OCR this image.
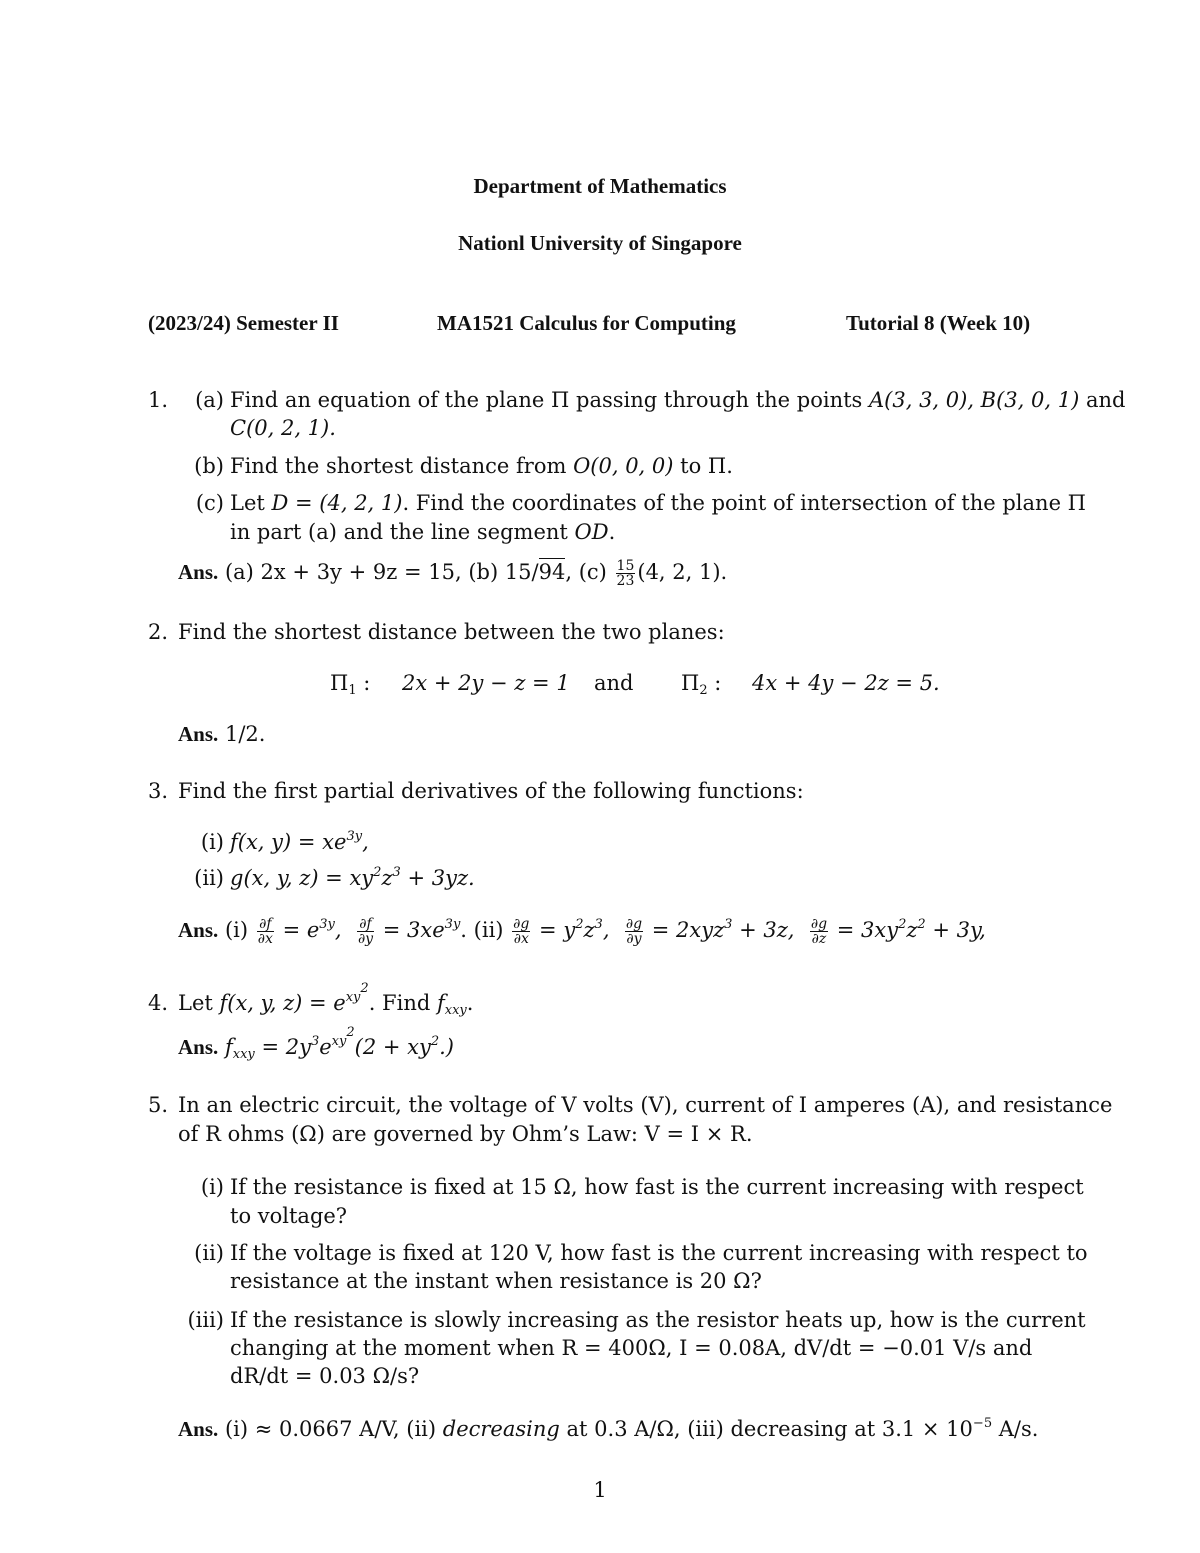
Department of Mathematics
Nationl University of Singapore
(2023/24) Semester II	MA1521 Calculus for Computing	Tutorial 8 (Week 10)
1.	(a) Find an equation of the plane Π passing through the points A(3, 3, 0), B(3, 0, 1) and
C(0, 2, 1).
(b) Find the shortest distance from O(0, 0, 0) to Π.
(c) Let D = (4, 2, 1). Find the coordinates of the point of intersection of the plane Π
in part (a) and the line segment OD.
Ans. (a) 2x + 3y + 9z = 15, (b) 15/94, $(c) \frac{15}{23} (4$, 2, 1).
2. Find the shortest distance between the two planes:
$\Pi_1$ : 2x + 2y − z = 1 and $\Pi_2$ : 4x + 4y − 2z = 5.
Ans. 1/2.
3. Find the first partial derivatives of the following functions:
(i) f(x, $y) = xe^{3y}$,
(ii) g(x, y, $z) = xy^2z^3 + 3yz$.
Ans. $(i) \frac{\partial f}{\partial x} = e^{3y}$, $\frac{\partial f}{\partial y} = 3xe^{3y}$. $(ii) \frac{\partial g}{\partial x} = y^2z^3$, $\frac{\partial g}{\partial y} = 2xyz^3 + 3z$, $\frac{\partial g}{\partial z} = 3xy^2z^2 + 3y$,
4. Let f(x, y, $z) = e^{xy^2}$. Find $f_{xxy}$.
Ans. $f_{xxy} = 2y^3e^{xy^2}(2 + xy^2.)$
5. In an electric circuit, the voltage of V volts (V), current of I amperes (A), and resistance
of R ohms (Ω) are governed by Ohm’s Law: V = I × R.
(i) If the resistance is fixed at 15 Ω, how fast is the current increasing with respect
to voltage?
(ii) If the voltage is fixed at 120 V, how fast is the current increasing with respect to
resistance at the instant when resistance is 20 Ω?
(iii) If the resistance is slowly increasing as the resistor heats up, how is the current
changing at the moment when R = 400Ω, I = 0.08A, dV/dt = −0.01 V/s and
dR/dt = 0.03 Ω/s?
Ans. (i) ≈ 0.0667 A/V, (ii) decreasing at 0.3 A/Ω, (iii) decreasing at $3.1 \times 10^{-5}$ A/s.
1
